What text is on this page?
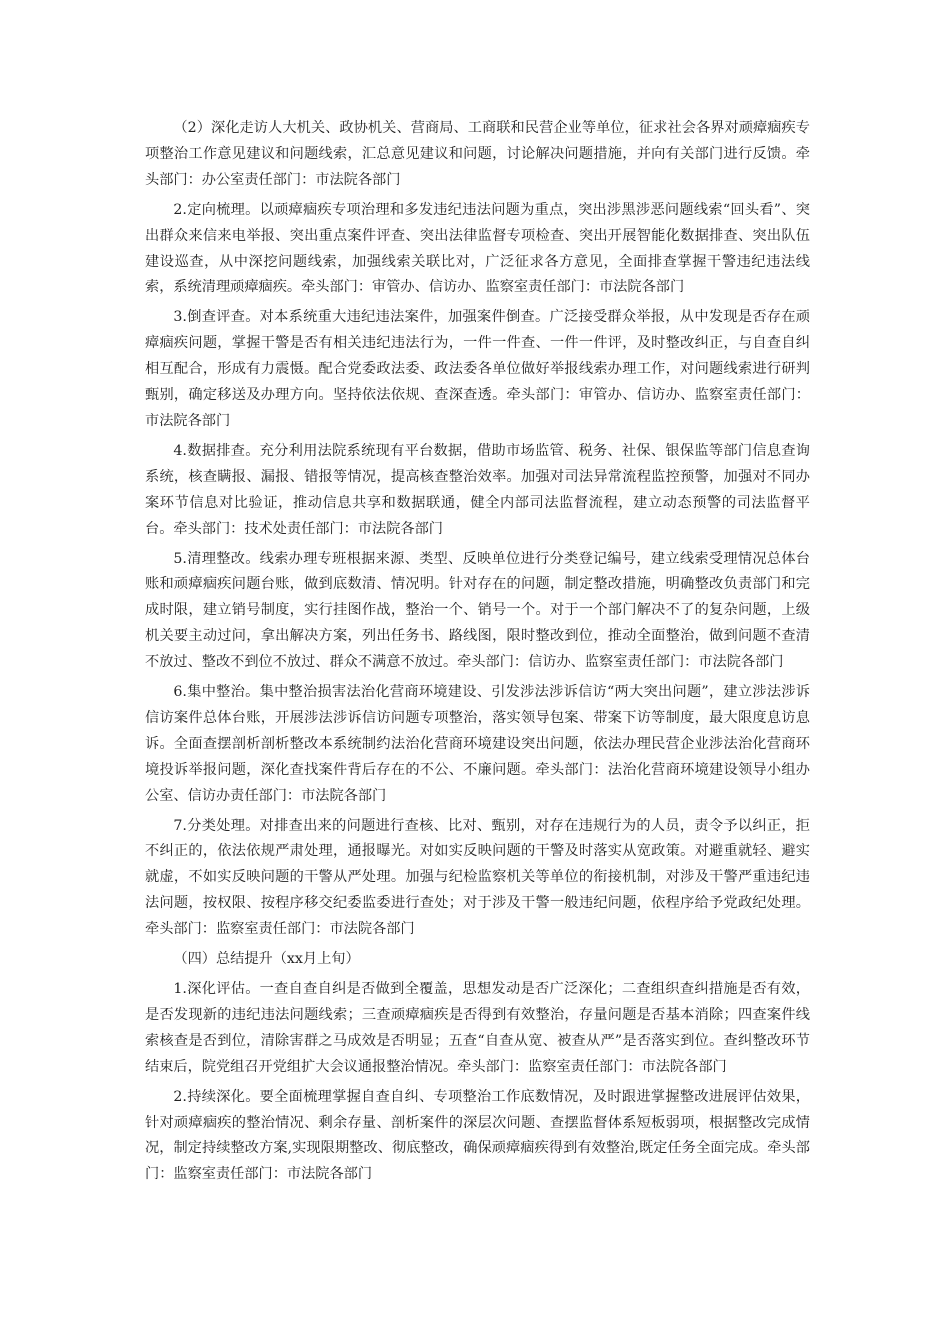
（2）深化走访人大机关、政协机关、营商局、工商联和民营企业等单位，征求社会各界对顽瘴痼疾专项整治工作意见建议和问题线索，汇总意见建议和问题，讨论解决问题措施，并向有关部门进行反馈。牵头部门：办公室责任部门：市法院各部门

2.定向梳理。以顽瘴痼疾专项治理和多发违纪违法问题为重点，突出涉黑涉恶问题线索“回头看”、突出群众来信来电举报、突出重点案件评查、突出法律监督专项检查、突出开展智能化数据排查、突出队伍建设巡查，从中深挖问题线索，加强线索关联比对，广泛征求各方意见，全面排查掌握干警违纪违法线索，系统清理顽瘴痼疾。牵头部门：审管办、信访办、监察室责任部门：市法院各部门

3.倒查评查。对本系统重大违纪违法案件，加强案件倒查。广泛接受群众举报，从中发现是否存在顽瘴痼疾问题，掌握干警是否有相关违纪违法行为，一件一件查、一件一件评，及时整改纠正，与自查自纠相互配合，形成有力震慑。配合党委政法委、政法委各单位做好举报线索办理工作，对问题线索进行研判甄别，确定移送及办理方向。坚持依法依规、查深查透。牵头部门：审管办、信访办、监察室责任部门：市法院各部门

4.数据排查。充分利用法院系统现有平台数据，借助市场监管、税务、社保、银保监等部门信息查询系统，核查瞒报、漏报、错报等情况，提高核查整治效率。加强对司法异常流程监控预警，加强对不同办案环节信息对比验证，推动信息共享和数据联通，健全内部司法监督流程，建立动态预警的司法监督平台。牵头部门：技术处责任部门：市法院各部门

5.清理整改。线索办理专班根据来源、类型、反映单位进行分类登记编号，建立线索受理情况总体台账和顽瘴痼疾问题台账，做到底数清、情况明。针对存在的问题，制定整改措施，明确整改负责部门和完成时限，建立销号制度，实行挂图作战，整治一个、销号一个。对于一个部门解决不了的复杂问题，上级机关要主动过问，拿出解决方案，列出任务书、路线图，限时整改到位，推动全面整治，做到问题不查清不放过、整改不到位不放过、群众不满意不放过。牵头部门：信访办、监察室责任部门：市法院各部门

6.集中整治。集中整治损害法治化营商环境建设、引发涉法涉诉信访“两大突出问题”，建立涉法涉诉信访案件总体台账，开展涉法涉诉信访问题专项整治，落实领导包案、带案下访等制度，最大限度息访息诉。全面查摆剖析剖析整改本系统制约法治化营商环境建设突出问题，依法办理民营企业涉法治化营商环境投诉举报问题，深化查找案件背后存在的不公、不廉问题。牵头部门：法治化营商环境建设领导小组办公室、信访办责任部门：市法院各部门

7.分类处理。对排查出来的问题进行查核、比对、甄别，对存在违规行为的人员，责令予以纠正，拒不纠正的，依法依规严肃处理，通报曝光。对如实反映问题的干警及时落实从宽政策。对避重就轻、避实就虚，不如实反映问题的干警从严处理。加强与纪检监察机关等单位的衔接机制，对涉及干警严重违纪违法问题，按权限、按程序移交纪委监委进行查处；对于涉及干警一般违纪问题，依程序给予党政纪处理。牵头部门：监察室责任部门：市法院各部门

（四）总结提升（xx月上旬）

1.深化评估。一查自查自纠是否做到全覆盖，思想发动是否广泛深化；二查组织查纠措施是否有效，是否发现新的违纪违法问题线索；三查顽瘴痼疾是否得到有效整治，存量问题是否基本消除；四查案件线索核查是否到位，清除害群之马成效是否明显；五查“自查从宽、被查从严”是否落实到位。查纠整改环节结束后，院党组召开党组扩大会议通报整治情况。牵头部门：监察室责任部门：市法院各部门

2.持续深化。要全面梳理掌握自查自纠、专项整治工作底数情况，及时跟进掌握整改进展评估效果，针对顽瘴痼疾的整治情况、剩余存量、剖析案件的深层次问题、查摆监督体系短板弱项，根据整改完成情况，制定持续整改方案,实现限期整改、彻底整改，确保顽瘴痼疾得到有效整治,既定任务全面完成。牵头部门：监察室责任部门：市法院各部门
